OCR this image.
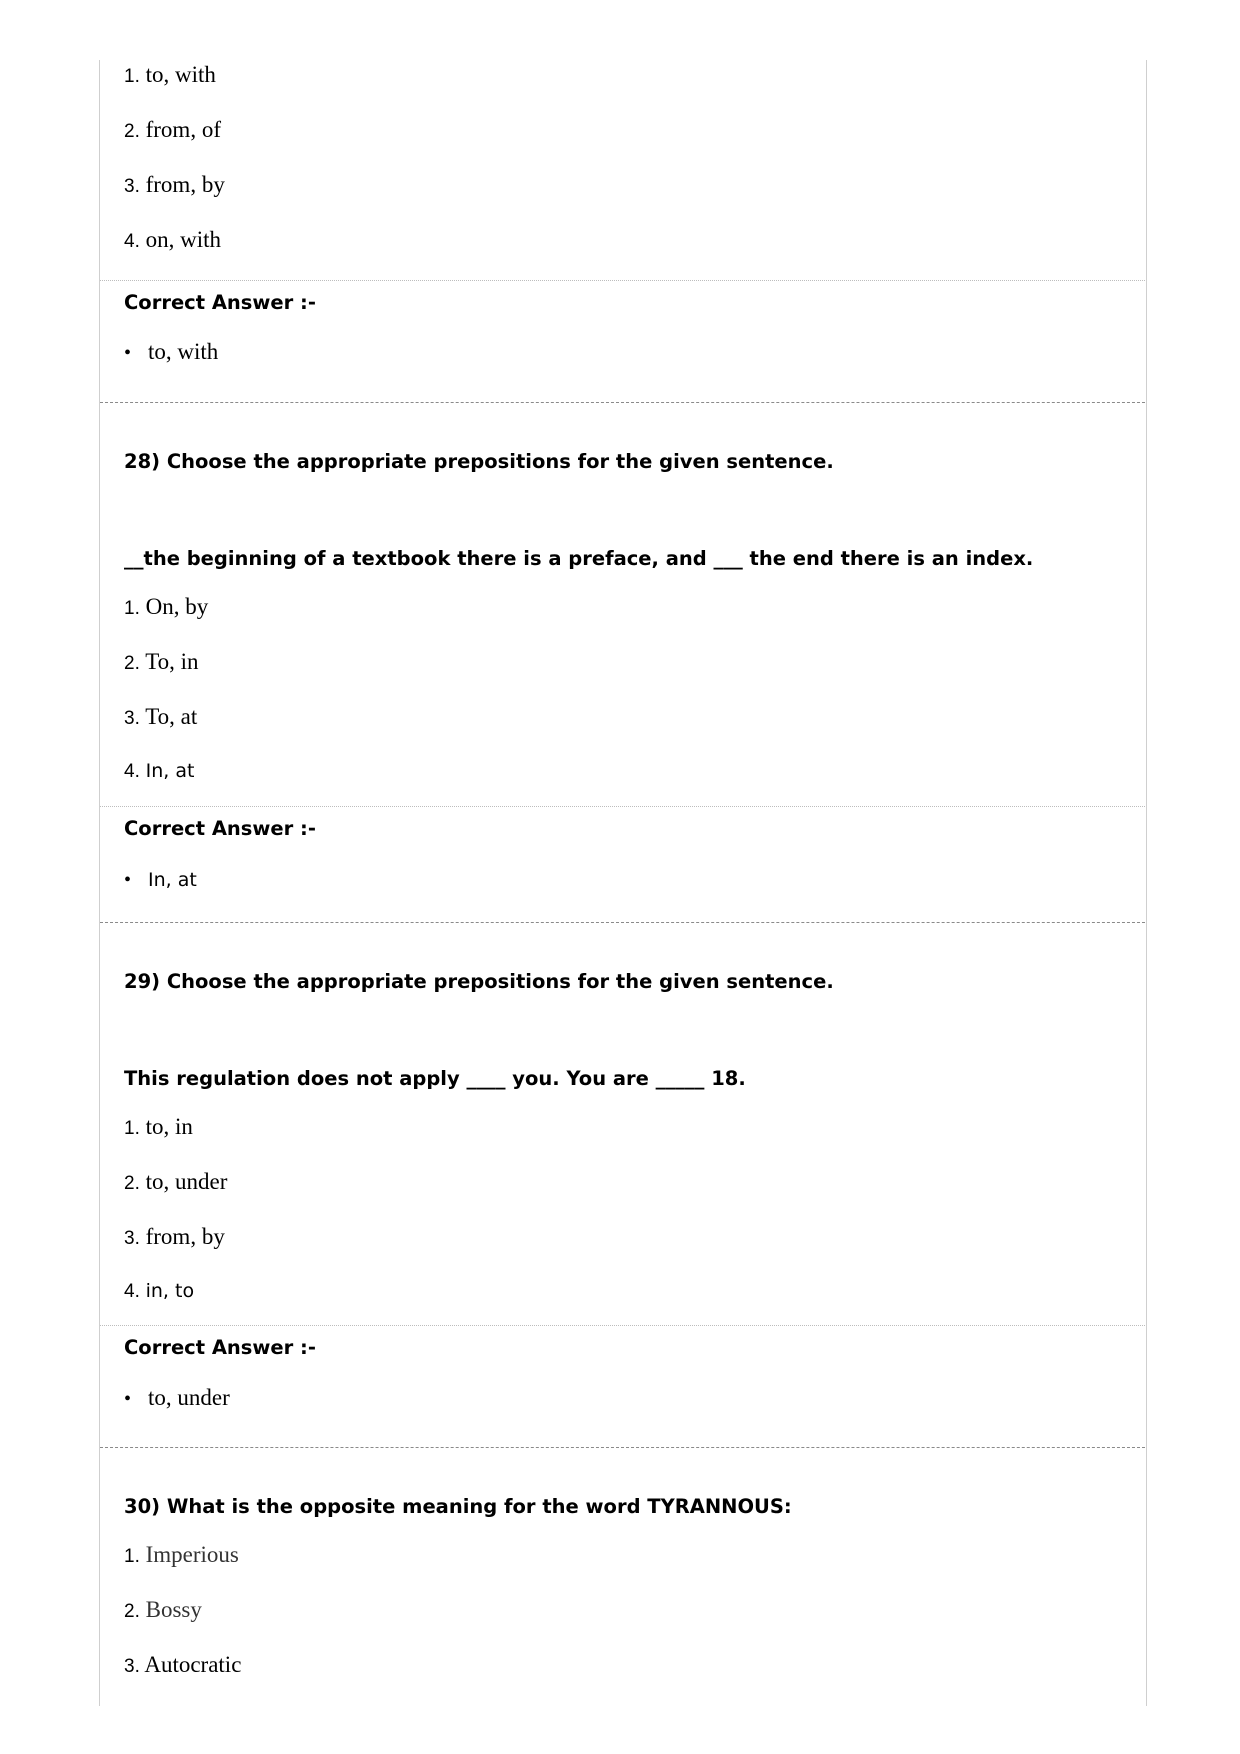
1. to, with
2. from, of
3. from, by
4. on, with
Correct Answer :-
• to, with
28) Choose the appropriate prepositions for the given sentence.
__the beginning of a textbook there is a preface, and ___ the end there is an index.
1. On, by
2. To, in
3. To, at
4. In, at
Correct Answer :-
• In, at
29) Choose the appropriate prepositions for the given sentence.
This regulation does not apply ____ you. You are _____ 18.
1. to, in
2. to, under
3. from, by
4. in, to
Correct Answer :-
• to, under
30) What is the opposite meaning for the word TYRANNOUS:
1. Imperious
2. Bossy
3. Autocratic
